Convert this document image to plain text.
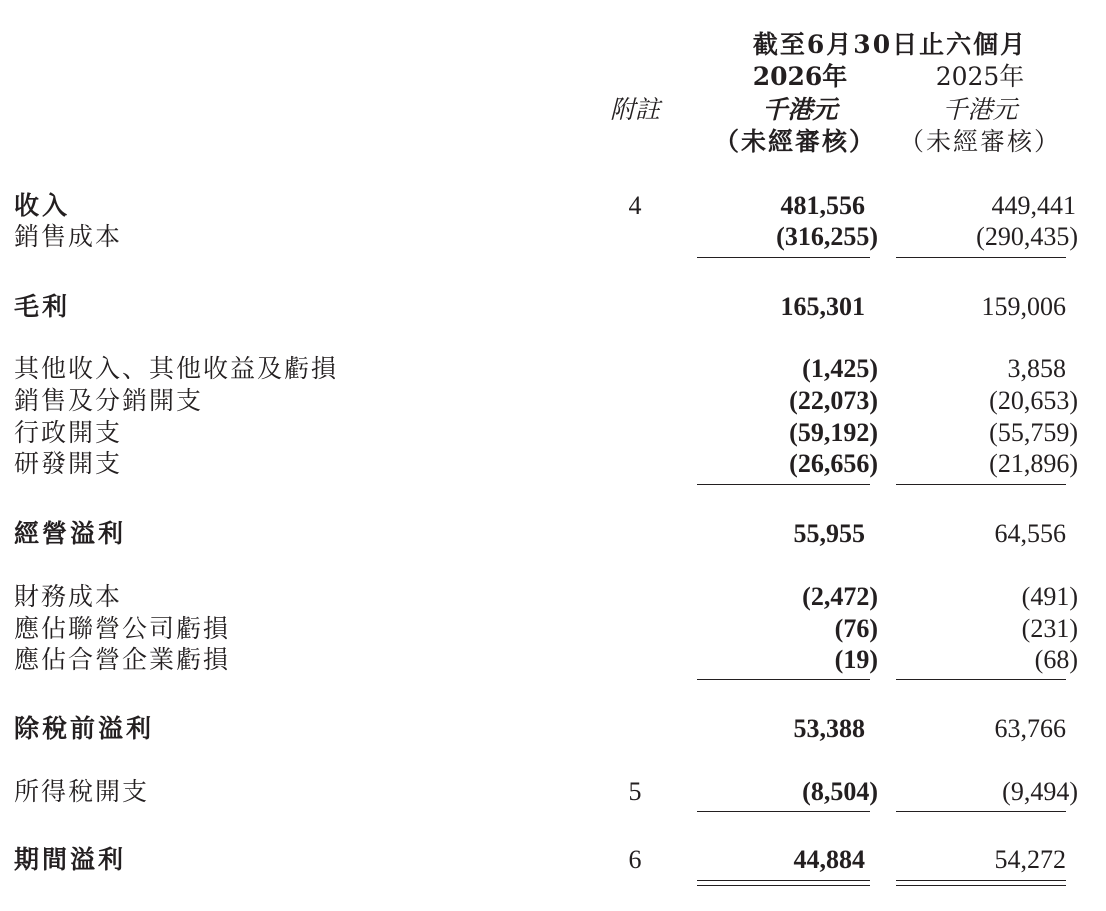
截至6月30日止六個月
2026年	2025年
附註	千港元	千港元
（未經審核） （未經審核）
收入	4	481,556	449,441
銷售成本	(316,255)	(290,435)
毛利	165,301	159,006
其他收入、其他收益及虧損	(1,425)	3,858
銷售及分銷開支	(22,073)	(20,653)
行政開支	(59,192)	(55,759)
研發開支	(26,656)	(21,896)
經營溢利	55,955	64,556
財務成本	(2,472)	(491)
應佔聯營公司虧損	(76)	(231)
應佔合營企業虧損	(19)	(68)
除稅前溢利	53,388	63,766
所得稅開支	5	(8,504)	(9,494)
期間溢利	6	44,884	54,272
